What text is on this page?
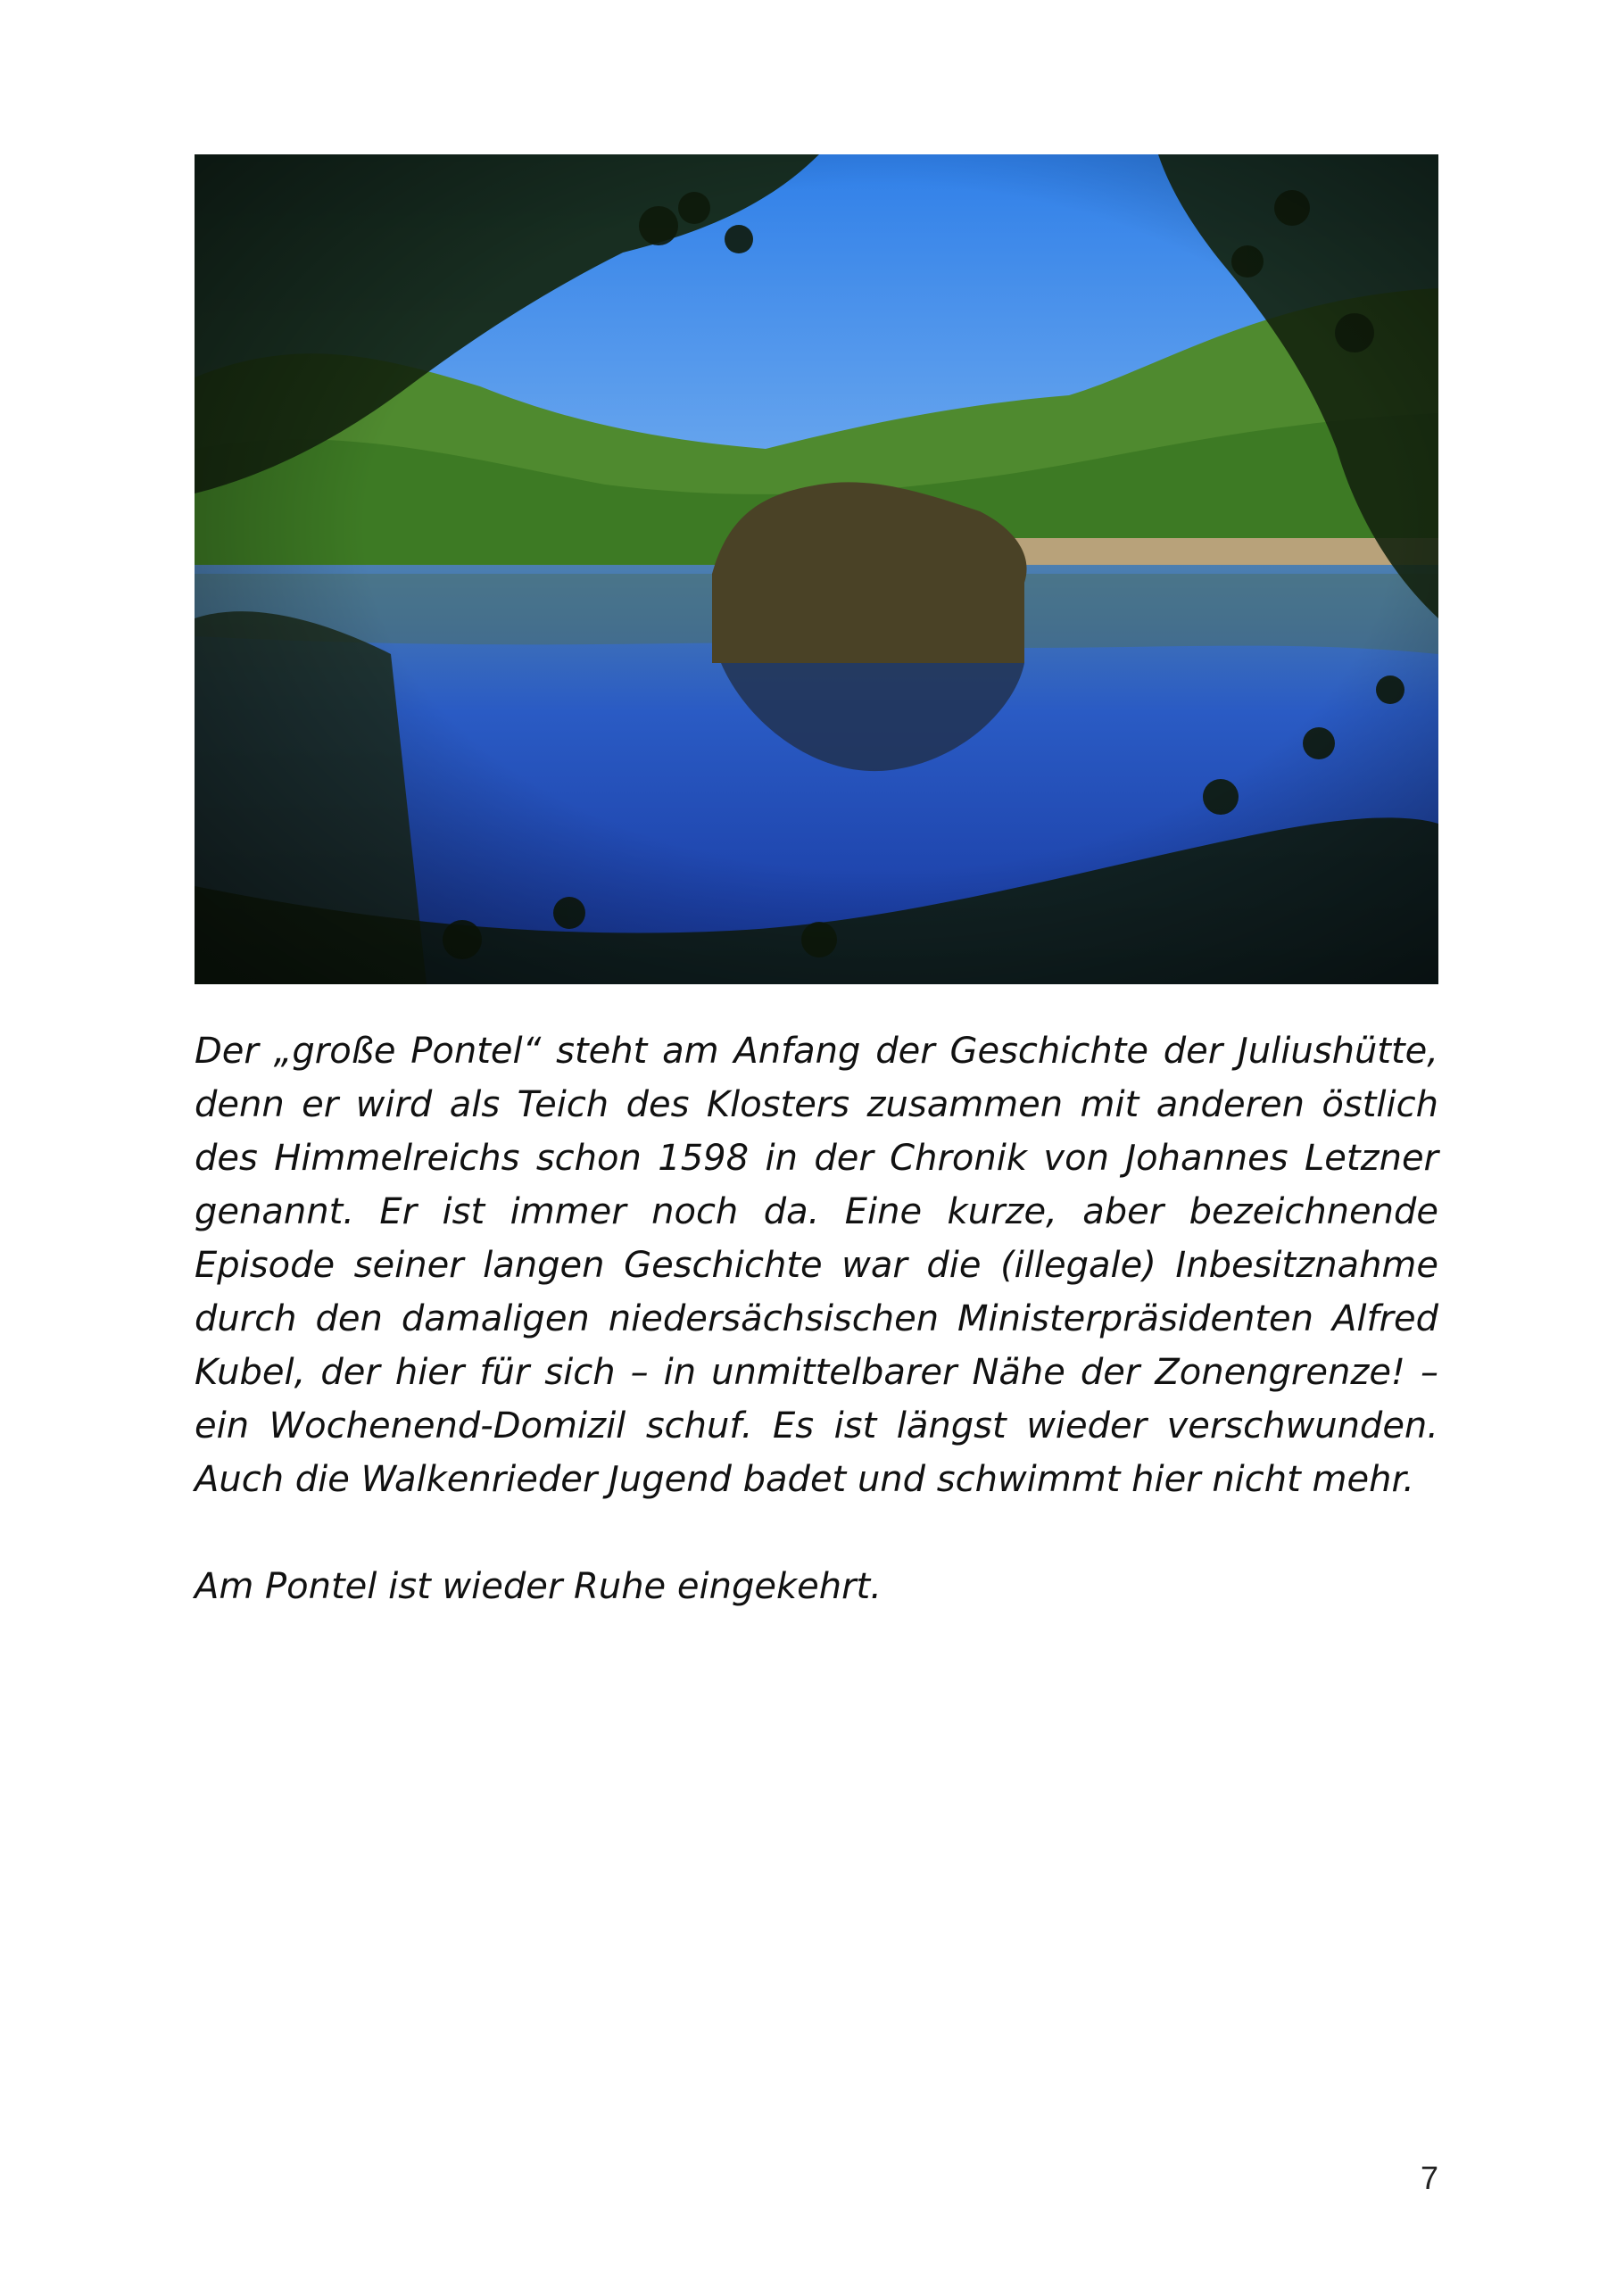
Der „große Pontel“ steht am Anfang der Geschichte der Juliushütte, denn er wird als Teich des Klosters zusammen mit anderen östlich des Himmelreichs schon 1598 in der Chronik von Johannes Letzner genannt. Er ist immer noch da. Eine kurze, aber bezeichnende Episode seiner langen Geschichte war die (illegale) Inbesitznahme durch den damaligen niedersächsischen Ministerpräsidenten Alfred Kubel, der hier für sich – in unmittelbarer Nähe der Zonengrenze! – ein Wochenend-Domizil schuf. Es ist längst wieder verschwunden. Auch die Walkenrieder Jugend badet und schwimmt hier nicht mehr.

Am Pontel ist wieder Ruhe eingekehrt.

7
